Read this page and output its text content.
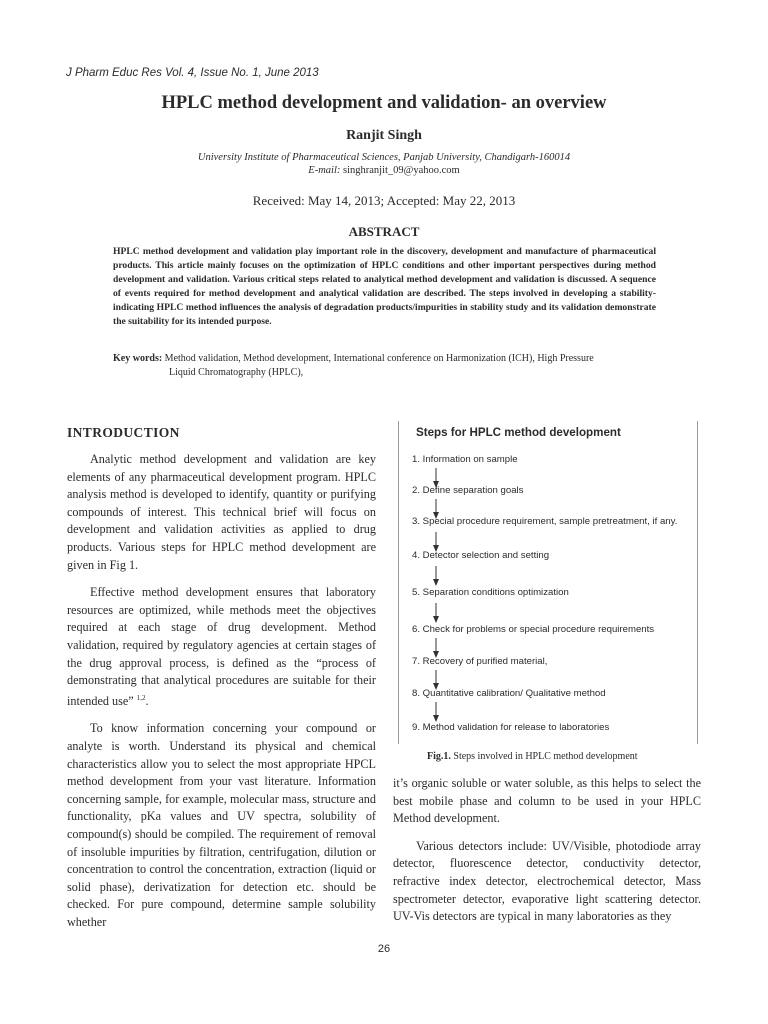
J Pharm Educ Res Vol. 4, Issue No. 1, June 2013
HPLC method development and validation- an overview
Ranjit Singh
University Institute of Pharmaceutical Sciences, Panjab University, Chandigarh-160014
E-mail: singhranjit_09@yahoo.com
Received: May 14, 2013; Accepted: May 22, 2013
ABSTRACT

HPLC method development and validation play important role in the discovery, development and manufacture of pharmaceutical products. This article mainly focuses on the optimization of HPLC conditions and other important perspectives during method development and validation. Various critical steps related to analytical method development and validation is discussed. A sequence of events required for method development and analytical validation are described. The steps involved in developing a stability-indicating HPLC method influences the analysis of degradation products/impurities in stability study and its validation demonstrate the suitability for its intended purpose.

Key words: Method validation, Method development, International conference on Harmonization (ICH), High Pressure
Liquid Chromatography (HPLC),

INTRODUCTION

Analytic method development and validation are key elements of any pharmaceutical development program. HPLC analysis method is developed to identify, quantity or purifying compounds of interest. This technical brief will focus on development and validation activities as applied to drug products. Various steps for HPLC method development are given in Fig 1.

Effective method development ensures that laboratory resources are optimized, while methods meet the objectives required at each stage of drug development. Method validation, required by regulatory agencies at certain stages of the drug approval process, is defined as the “process of demonstrating that analytical procedures are suitable for their intended use” $^{1,2}$.

To know information concerning your compound or analyte is worth. Understand its physical and chemical characteristics allow you to select the most appropriate HPCL method development from your vast literature. Information concerning sample, for example, molecular mass, structure and functionality, pKa values and UV spectra, solubility of compound(s) should be compiled. The requirement of removal of insoluble impurities by filtration, centrifugation, dilution or concentration to control the concentration, extraction (liquid or solid phase), derivatization for detection etc. should be checked. For pure compound, determine sample solubility whether

Steps for HPLC method development
1. Information on sample
2. Define separation goals
3. Special procedure requirement, sample pretreatment, if any.
4. Detector selection and setting
5. Separation conditions optimization
6. Check for problems or special procedure requirements
7. Recovery of purified material,
8. Quantitative calibration/ Qualitative method
9. Method validation for release to laboratories
Fig.1. Steps involved in HPLC method development

it’s organic soluble or water soluble, as this helps to select the best mobile phase and column to be used in your HPLC Method development.

Various detectors include: UV/Visible, photodiode array detector, fluorescence detector, conductivity detector, refractive index detector, electrochemical detector, Mass spectrometer detector, evaporative light scattering detector. UV-Vis detectors are typical in many laboratories as they

26
